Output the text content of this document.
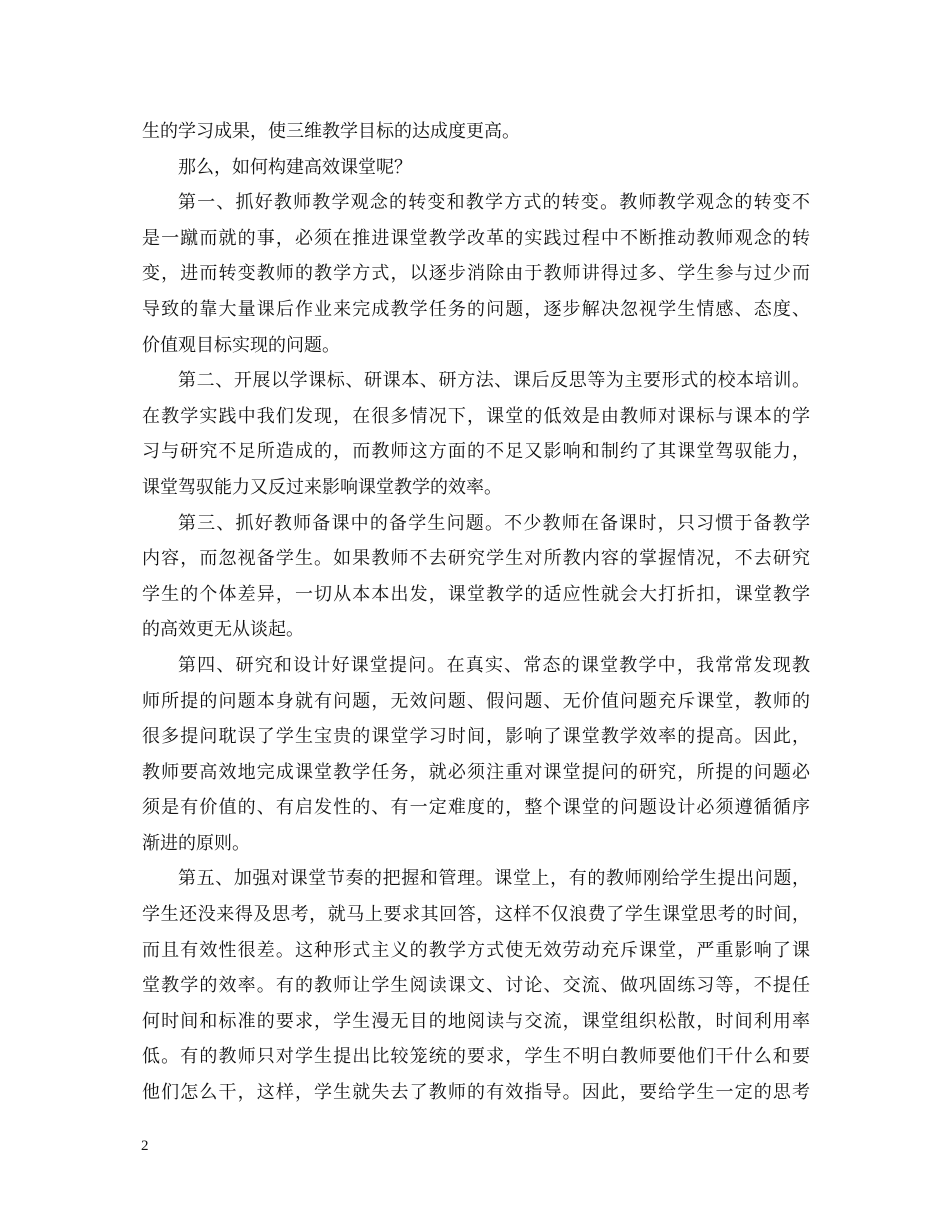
生的学习成果，使三维教学目标的达成度更高。
那么，如何构建高效课堂呢？
第一、抓好教师教学观念的转变和教学方式的转变。教师教学观念的转变不
是一蹴而就的事，必须在推进课堂教学改革的实践过程中不断推动教师观念的转
变，进而转变教师的教学方式，以逐步消除由于教师讲得过多、学生参与过少而
导致的靠大量课后作业来完成教学任务的问题，逐步解决忽视学生情感、态度、
价值观目标实现的问题。
第二、开展以学课标、研课本、研方法、课后反思等为主要形式的校本培训。
在教学实践中我们发现，在很多情况下，课堂的低效是由教师对课标与课本的学
习与研究不足所造成的，而教师这方面的不足又影响和制约了其课堂驾驭能力，
课堂驾驭能力又反过来影响课堂教学的效率。
第三、抓好教师备课中的备学生问题。不少教师在备课时，只习惯于备教学
内容，而忽视备学生。如果教师不去研究学生对所教内容的掌握情况，不去研究
学生的个体差异，一切从本本出发，课堂教学的适应性就会大打折扣，课堂教学
的高效更无从谈起。
第四、研究和设计好课堂提问。在真实、常态的课堂教学中，我常常发现教
师所提的问题本身就有问题，无效问题、假问题、无价值问题充斥课堂，教师的
很多提问耽误了学生宝贵的课堂学习时间，影响了课堂教学效率的提高。因此，
教师要高效地完成课堂教学任务，就必须注重对课堂提问的研究，所提的问题必
须是有价值的、有启发性的、有一定难度的，整个课堂的问题设计必须遵循循序
渐进的原则。
第五、加强对课堂节奏的把握和管理。课堂上，有的教师刚给学生提出问题，
学生还没来得及思考，就马上要求其回答，这样不仅浪费了学生课堂思考的时间，
而且有效性很差。这种形式主义的教学方式使无效劳动充斥课堂，严重影响了课
堂教学的效率。有的教师让学生阅读课文、讨论、交流、做巩固练习等，不提任
何时间和标准的要求，学生漫无目的地阅读与交流，课堂组织松散，时间利用率
低。有的教师只对学生提出比较笼统的要求，学生不明白教师要他们干什么和要
他们怎么干，这样，学生就失去了教师的有效指导。因此，要给学生一定的思考
2
